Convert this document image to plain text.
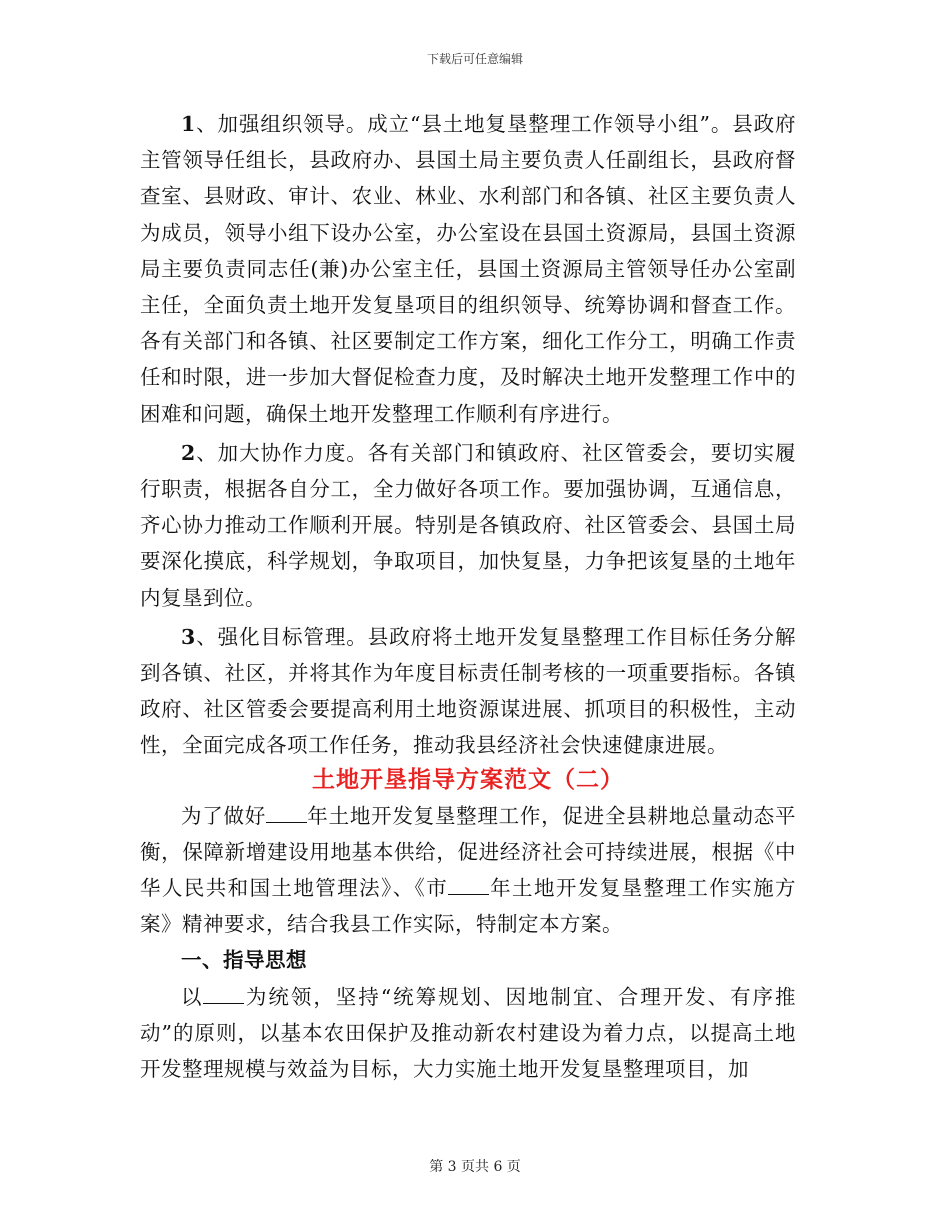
下载后可任意编辑

1、加强组织领导。成立“县土地复垦整理工作领导小组”。县政府主管领导任组长，县政府办、县国土局主要负责人任副组长，县政府督查室、县财政、审计、农业、林业、水利部门和各镇、社区主要负责人为成员，领导小组下设办公室，办公室设在县国土资源局，县国土资源局主要负责同志任(兼)办公室主任，县国土资源局主管领导任办公室副主任，全面负责土地开发复垦项目的组织领导、统筹协调和督查工作。各有关部门和各镇、社区要制定工作方案，细化工作分工，明确工作责任和时限，进一步加大督促检查力度，及时解决土地开发整理工作中的困难和问题，确保土地开发整理工作顺利有序进行。

2、加大协作力度。各有关部门和镇政府、社区管委会，要切实履行职责，根据各自分工，全力做好各项工作。要加强协调，互通信息，齐心协力推动工作顺利开展。特别是各镇政府、社区管委会、县国土局要深化摸底，科学规划，争取项目，加快复垦，力争把该复垦的土地年内复垦到位。

3、强化目标管理。县政府将土地开发复垦整理工作目标任务分解到各镇、社区，并将其作为年度目标责任制考核的一项重要指标。各镇政府、社区管委会要提高利用土地资源谋进展、抓项目的积极性，主动性，全面完成各项工作任务，推动我县经济社会快速健康进展。

土地开垦指导方案范文（二）

为了做好 年土地开发复垦整理工作，促进全县耕地总量动态平衡，保障新增建设用地基本供给，促进经济社会可持续进展，根据《中华人民共和国土地管理法》、《市 年土地开发复垦整理工作实施方案》精神要求，结合我县工作实际，特制定本方案。

一、指导思想

以 为统领，坚持“统筹规划、因地制宜、合理开发、有序推动”的原则，以基本农田保护及推动新农村建设为着力点，以提高土地开发整理规模与效益为目标，大力实施土地开发复垦整理项目，加

第 3 页共 6 页
